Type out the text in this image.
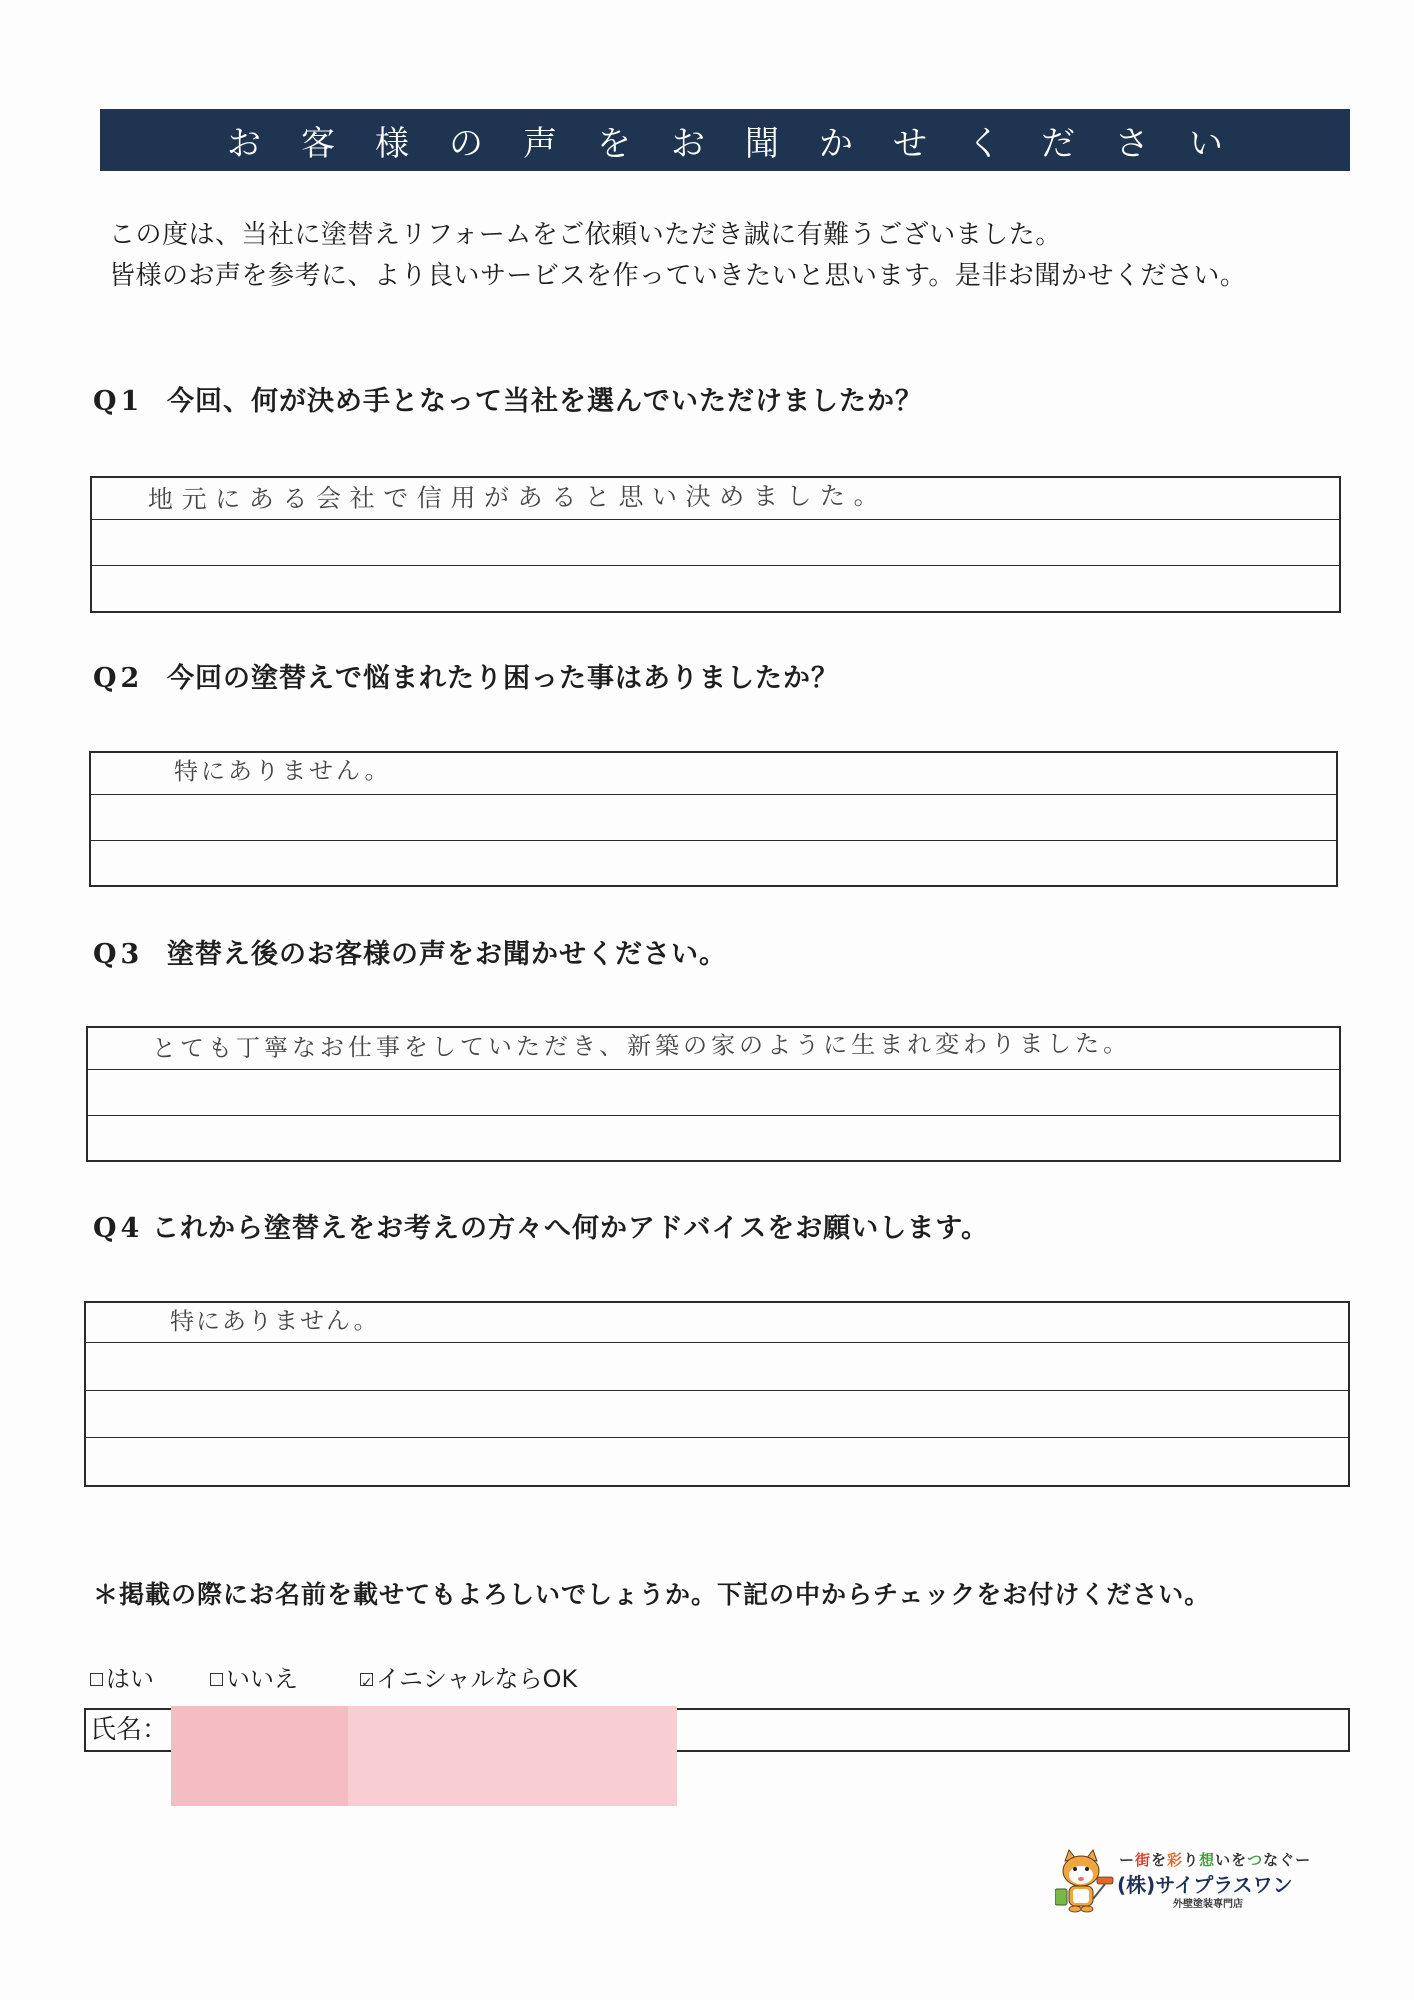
お客様の声をお聞かせください
この度は、当社に塗替えリフォームをご依頼いただき誠に有難うございました。
皆様のお声を参考に、より良いサービスを作っていきたいと思います。是非お聞かせください。
Q1 今回、何が決め手となって当社を選んでいただけましたか？
地元にある会社で信用があると思い決めました。
Q2 今回の塗替えで悩まれたり困った事はありましたか？
特にありません。
Q3 塗替え後のお客様の声をお聞かせください。
とても丁寧なお仕事をしていただき、新築の家のように生まれ変わりました。
Q4 これから塗替えをお考えの方々へ何かアドバイスをお願いします。
特にありません。
＊掲載の際にお名前を載せてもよろしいでしょうか。下記の中からチェックをお付けください。
はい	いいえ
✓	イニシャルならOK
氏名：
ー街を彩り想いをつなぐー
(株)サイプラスワン
外壁塗装専門店
